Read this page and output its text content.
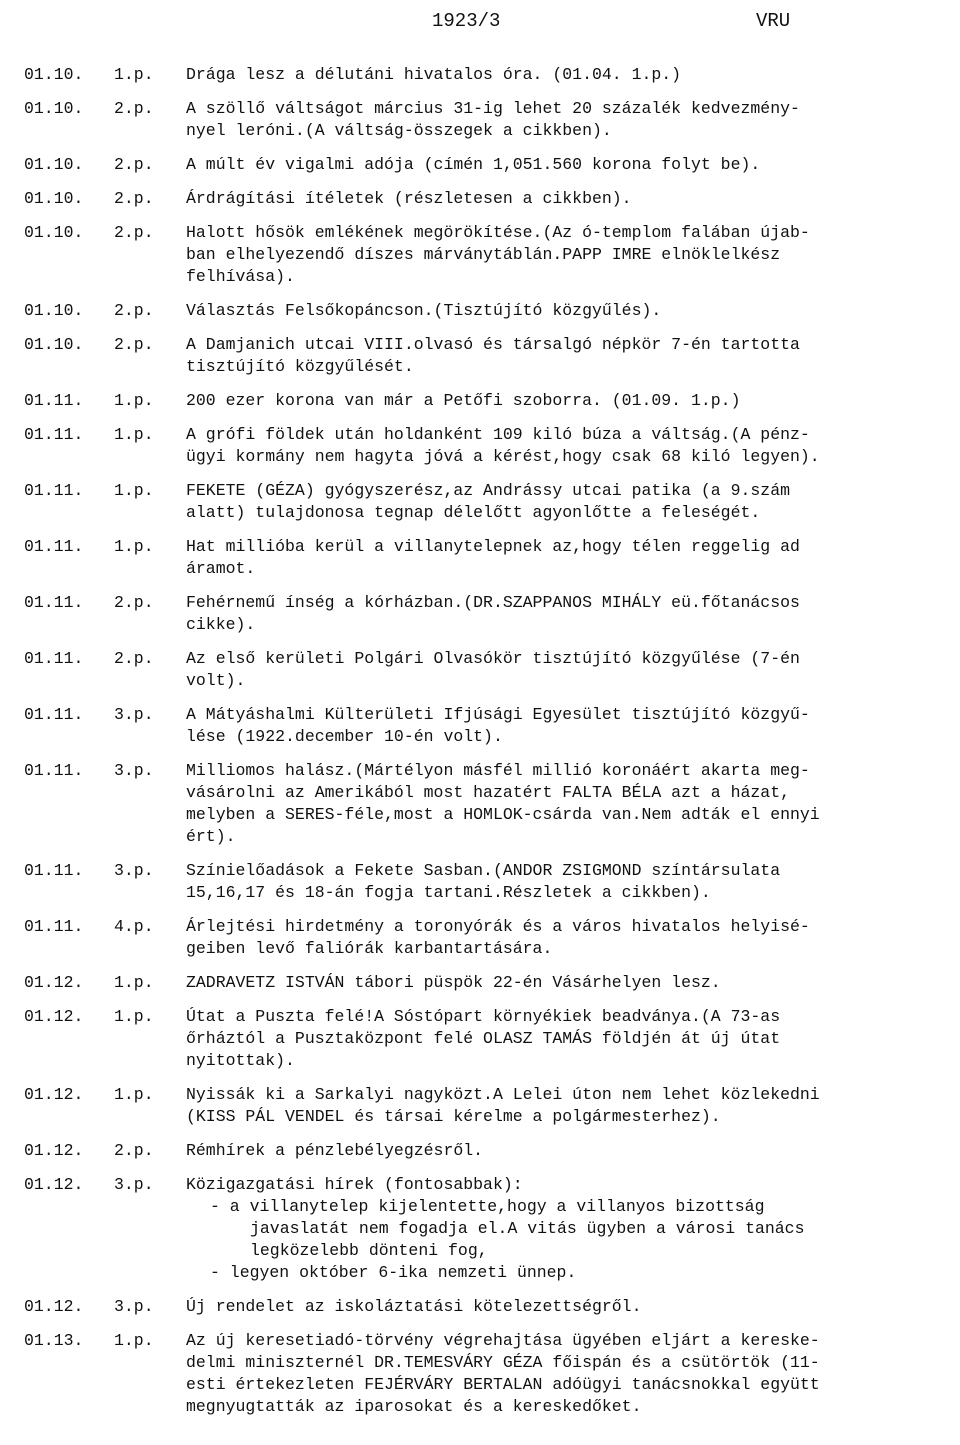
1923/3	VRU
01.10.	1.p.	Drága lesz a délutáni hivatalos óra. (01.04. 1.p.)
01.10.	2.p.	A szöllő váltságot március 31-ig lehet 20 százalék kedvezmény-
nyel leróni.(A váltság-összegek a cikkben).
01.10.	2.p.	A múlt év vigalmi adója (címén 1,051.560 korona folyt be).
01.10.	2.p.	Árdrágítási ítéletek (részletesen a cikkben).
01.10.	2.p.	Halott hősök emlékének megörökítése.(Az ó-templom falában újab-
ban elhelyezendő díszes márványtáblán.PAPP IMRE elnöklelkész
felhívása).
01.10.	2.p.	Választás Felsőkopáncson.(Tisztújító közgyűlés).
01.10.	2.p.	A Damjanich utcai VIII.olvasó és társalgó népkör 7-én tartotta
tisztújító közgyűlését.
01.11.	1.p.	200 ezer korona van már a Petőfi szoborra. (01.09. 1.p.)
01.11.	1.p.	A grófi földek után holdanként 109 kiló búza a váltság.(A pénz-
ügyi kormány nem hagyta jóvá a kérést,hogy csak 68 kiló legyen).
01.11.	1.p.	FEKETE (GÉZA) gyógyszerész,az Andrássy utcai patika (a 9.szám
alatt) tulajdonosa tegnap délelőtt agyonlőtte a feleségét.
01.11.	1.p.	Hat millióba kerül a villanytelepnek az,hogy télen reggelig ad
áramot.
01.11.	2.p.	Fehérnemű ínség a kórházban.(DR.SZAPPANOS MIHÁLY eü.főtanácsos
cikke).
01.11.	2.p.	Az első kerületi Polgári Olvasókör tisztújító közgyűlése (7-én
volt).
01.11.	3.p.	A Mátyáshalmi Külterületi Ifjúsági Egyesület tisztújító közgyű-
lése (1922.december 10-én volt).
01.11.	3.p.	Milliomos halász.(Mártélyon másfél millió koronáért akarta meg-
vásárolni az Amerikából most hazatért FALTA BÉLA azt a házat,
melyben a SERES-féle,most a HOMLOK-csárda van.Nem adták el ennyi
ért).
01.11.	3.p.	Színielőadások a Fekete Sasban.(ANDOR ZSIGMOND színtársulata
15,16,17 és 18-án fogja tartani.Részletek a cikkben).
01.11.	4.p.	Árlejtési hirdetmény a toronyórák és a város hivatalos helyisé-
geiben levő faliórák karbantartására.
01.12.	1.p.	ZADRAVETZ ISTVÁN tábori püspök 22-én Vásárhelyen lesz.
01.12.	1.p.	Útat a Puszta felé!A Sóstópart környékiek beadványa.(A 73-as
őrháztól a Pusztaközpont felé OLASZ TAMÁS földjén át új útat
nyitottak).
01.12.	1.p.	Nyissák ki a Sarkalyi nagyközt.A Lelei úton nem lehet közlekedni
(KISS PÁL VENDEL és társai kérelme a polgármesterhez).
01.12.	2.p.	Rémhírek a pénzlebélyegzésről.
01.12.	3.p.	Közigazgatási hírek (fontosabbak):
- a villanytelep kijelentette,hogy a villanyos bizottság
javaslatát nem fogadja el.A vitás ügyben a városi tanács
legközelebb dönteni fog,
- legyen október 6-ika nemzeti ünnep.
01.12.	3.p.	Új rendelet az iskoláztatási kötelezettségről.
01.13.	1.p.	Az új keresetiadó-törvény végrehajtása ügyében eljárt a kereske-
delmi miniszternél DR.TEMESVÁRY GÉZA főispán és a csütörtök (11-
esti értekezleten FEJÉRVÁRY BERTALAN adóügyi tanácsnokkal együtt
megnyugtatták az iparosokat és a kereskedőket.
